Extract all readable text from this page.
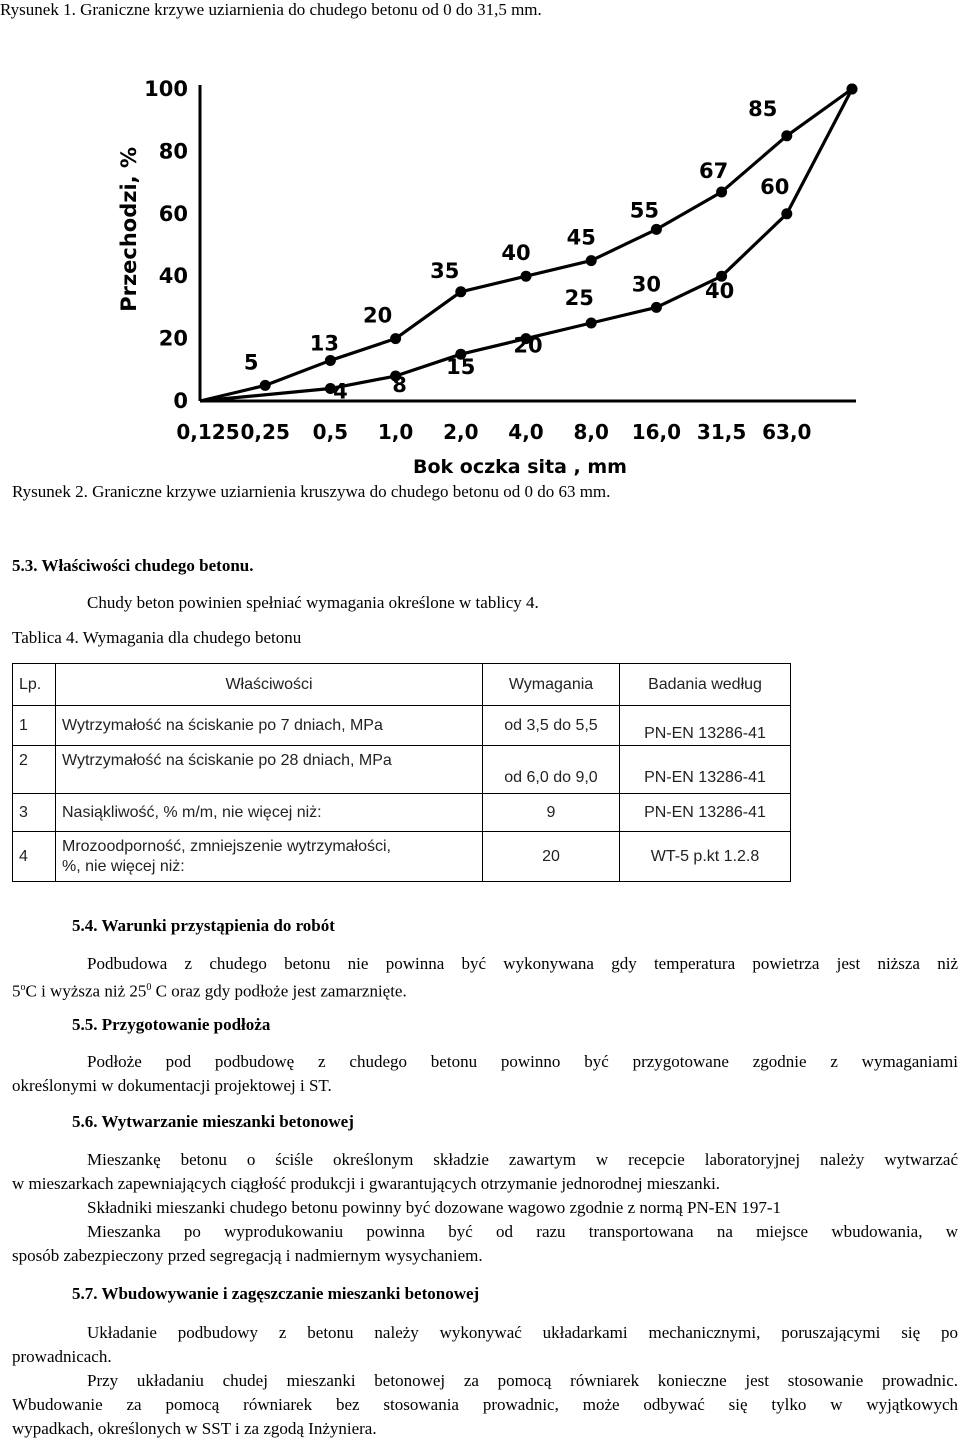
Rysunek 1. Graniczne krzywe uziarnienia do chudego betonu od 0 do 31,5 mm.
0
20
40
60
80
100
Przechodzi, %
0,125 0,25 0,5 1,0 2,0 4,0 8,0 16,0 31,5 63,0
Bok oczka sita , mm
5
13
20
35
40
45
55
67
85
4 8
15
20
25
30 40
60
Rysunek 2. Graniczne krzywe uziarnienia kruszywa do chudego betonu od 0 do 63 mm.
5.3. Właściwości chudego betonu.
Chudy beton powinien spełniać wymagania określone w tablicy 4.
Tablica 4. Wymagania dla chudego betonu
Lp.	Właściwości	Wymagania	Badania według
1	Wytrzymałość na ściskanie po 7 dniach, MPa	od 3,5 do 5,5	PN-EN 13286-41
2	Wytrzymałość na ściskanie po 28 dniach, MPa	od 6,0 do 9,0	PN-EN 13286-41
3	Nasiąkliwość, % m/m, nie więcej niż:	9	PN-EN 13286-41
4	Mrozoodporność, zmniejszenie wytrzymałości,
%, nie więcej niż:	20	WT-5 p.kt 1.2.8
5.4. Warunki przystąpienia do robót
Podbudowa z chudego betonu nie powinna być wykonywana gdy temperatura powietrza jest niższa niż
5$^o$C i wyższa niż $25^0$ C oraz gdy podłoże jest zamarznięte.
5.5. Przygotowanie podłoża
Podłoże pod podbudowę z chudego betonu powinno być przygotowane zgodnie z wymaganiami
określonymi w dokumentacji projektowej i ST.
5.6. Wytwarzanie mieszanki betonowej
Mieszankę betonu o ściśle określonym składzie zawartym w recepcie laboratoryjnej należy wytwarzać
w mieszarkach zapewniających ciągłość produkcji i gwarantujących otrzymanie jednorodnej mieszanki.
Składniki mieszanki chudego betonu powinny być dozowane wagowo zgodnie z normą PN-EN 197-1
Mieszanka po wyprodukowaniu powinna być od razu transportowana na miejsce wbudowania, w
sposób zabezpieczony przed segregacją i nadmiernym wysychaniem.
5.7. Wbudowywanie i zagęszczanie mieszanki betonowej
Układanie podbudowy z betonu należy wykonywać układarkami mechanicznymi, poruszającymi się po
prowadnicach.
Przy układaniu chudej mieszanki betonowej za pomocą równiarek konieczne jest stosowanie prowadnic.
Wbudowanie za pomocą równiarek bez stosowania prowadnic, może odbywać się tylko w wyjątkowych
wypadkach, określonych w SST i za zgodą Inżyniera.
